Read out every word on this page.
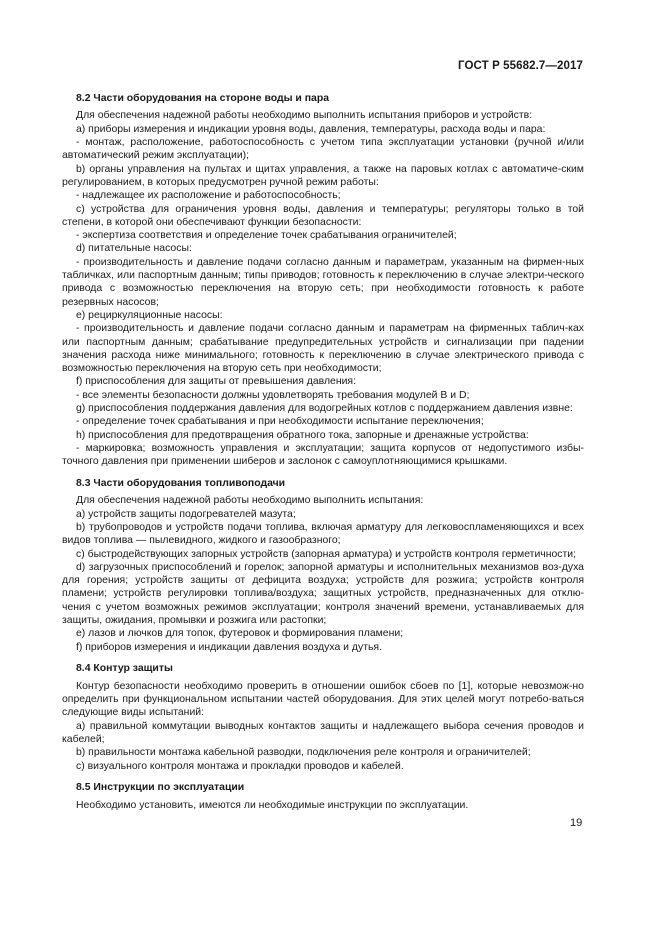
ГОСТ Р 55682.7—2017

8.2 Части оборудования на стороне воды и пара

Для обеспечения надежной работы необходимо выполнить испытания приборов и устройств:

а) приборы измерения и индикации уровня воды, давления, температуры, расхода воды и пара:

- монтаж, расположение, работоспособность с учетом типа эксплуатации установки (ручной и/или автоматический режим эксплуатации);

b) органы управления на пультах и щитах управления, а также на паровых котлах с автоматиче-ским регулированием, в которых предусмотрен ручной режим работы:

- надлежащее их расположение и работоспособность;

c) устройства для ограничения уровня воды, давления и температуры; регуляторы только в той степени, в которой они обеспечивают функции безопасности:

- экспертиза соответствия и определение точек срабатывания ограничителей;

d) питательные насосы:

- производительность и давление подачи согласно данным и параметрам, указанным на фирмен-ных табличках, или паспортным данным; типы приводов; готовность к переключению в случае электри-ческого привода с возможностью переключения на вторую сеть; при необходимости готовность к работе резервных насосов;

e) рециркуляционные насосы:

- производительность и давление подачи согласно данным и параметрам на фирменных таблич-ках или паспортным данным; срабатывание предупредительных устройств и сигнализации при падении значения расхода ниже минимального; готовность к переключению в случае электрического привода с возможностью переключения на вторую сеть при необходимости;

f) приспособления для защиты от превышения давления:

- все элементы безопасности должны удовлетворять требования модулей B и D;

g) приспособления поддержания давления для водогрейных котлов с поддержанием давления извне:

- определение точек срабатывания и при необходимости испытание переключения;

h) приспособления для предотвращения обратного тока, запорные и дренажные устройства:

- маркировка; возможность управления и эксплуатации; защита корпусов от недопустимого избы-точного давления при применении шиберов и заслонок с самоуплотняющимися крышками.

8.3 Части оборудования топливоподачи

Для обеспечения надежной работы необходимо выполнить испытания:

а) устройств защиты подогревателей мазута;

b) трубопроводов и устройств подачи топлива, включая арматуру для легковоспламеняющихся и всех видов топлива — пылевидного, жидкого и газообразного;

c) быстродействующих запорных устройств (запорная арматура) и устройств контроля герметичности;

d) загрузочных приспособлений и горелок; запорной арматуры и исполнительных механизмов воз-духа для горения; устройств защиты от дефицита воздуха; устройств для розжига; устройств контроля пламени; устройств регулировки топлива/воздуха; защитных устройств, предназначенных для отклю-чения с учетом возможных режимов эксплуатации; контроля значений времени, устанавливаемых для защиты, ожидания, промывки и розжига или растопки;

e) лазов и лючков для топок, футеровок и формирования пламени;

f) приборов измерения и индикации давления воздуха и дутья.

8.4 Контур защиты

Контур безопасности необходимо проверить в отношении ошибок сбоев по [1], которые невозмож-но определить при функциональном испытании частей оборудования. Для этих целей могут потребо-ваться следующие виды испытаний:

а) правильной коммутации выводных контактов защиты и надлежащего выбора сечения проводов и кабелей;

b) правильности монтажа кабельной разводки, подключения реле контроля и ограничителей;

c) визуального контроля монтажа и прокладки проводов и кабелей.

8.5 Инструкции по эксплуатации

Необходимо установить, имеются ли необходимые инструкции по эксплуатации.

19
